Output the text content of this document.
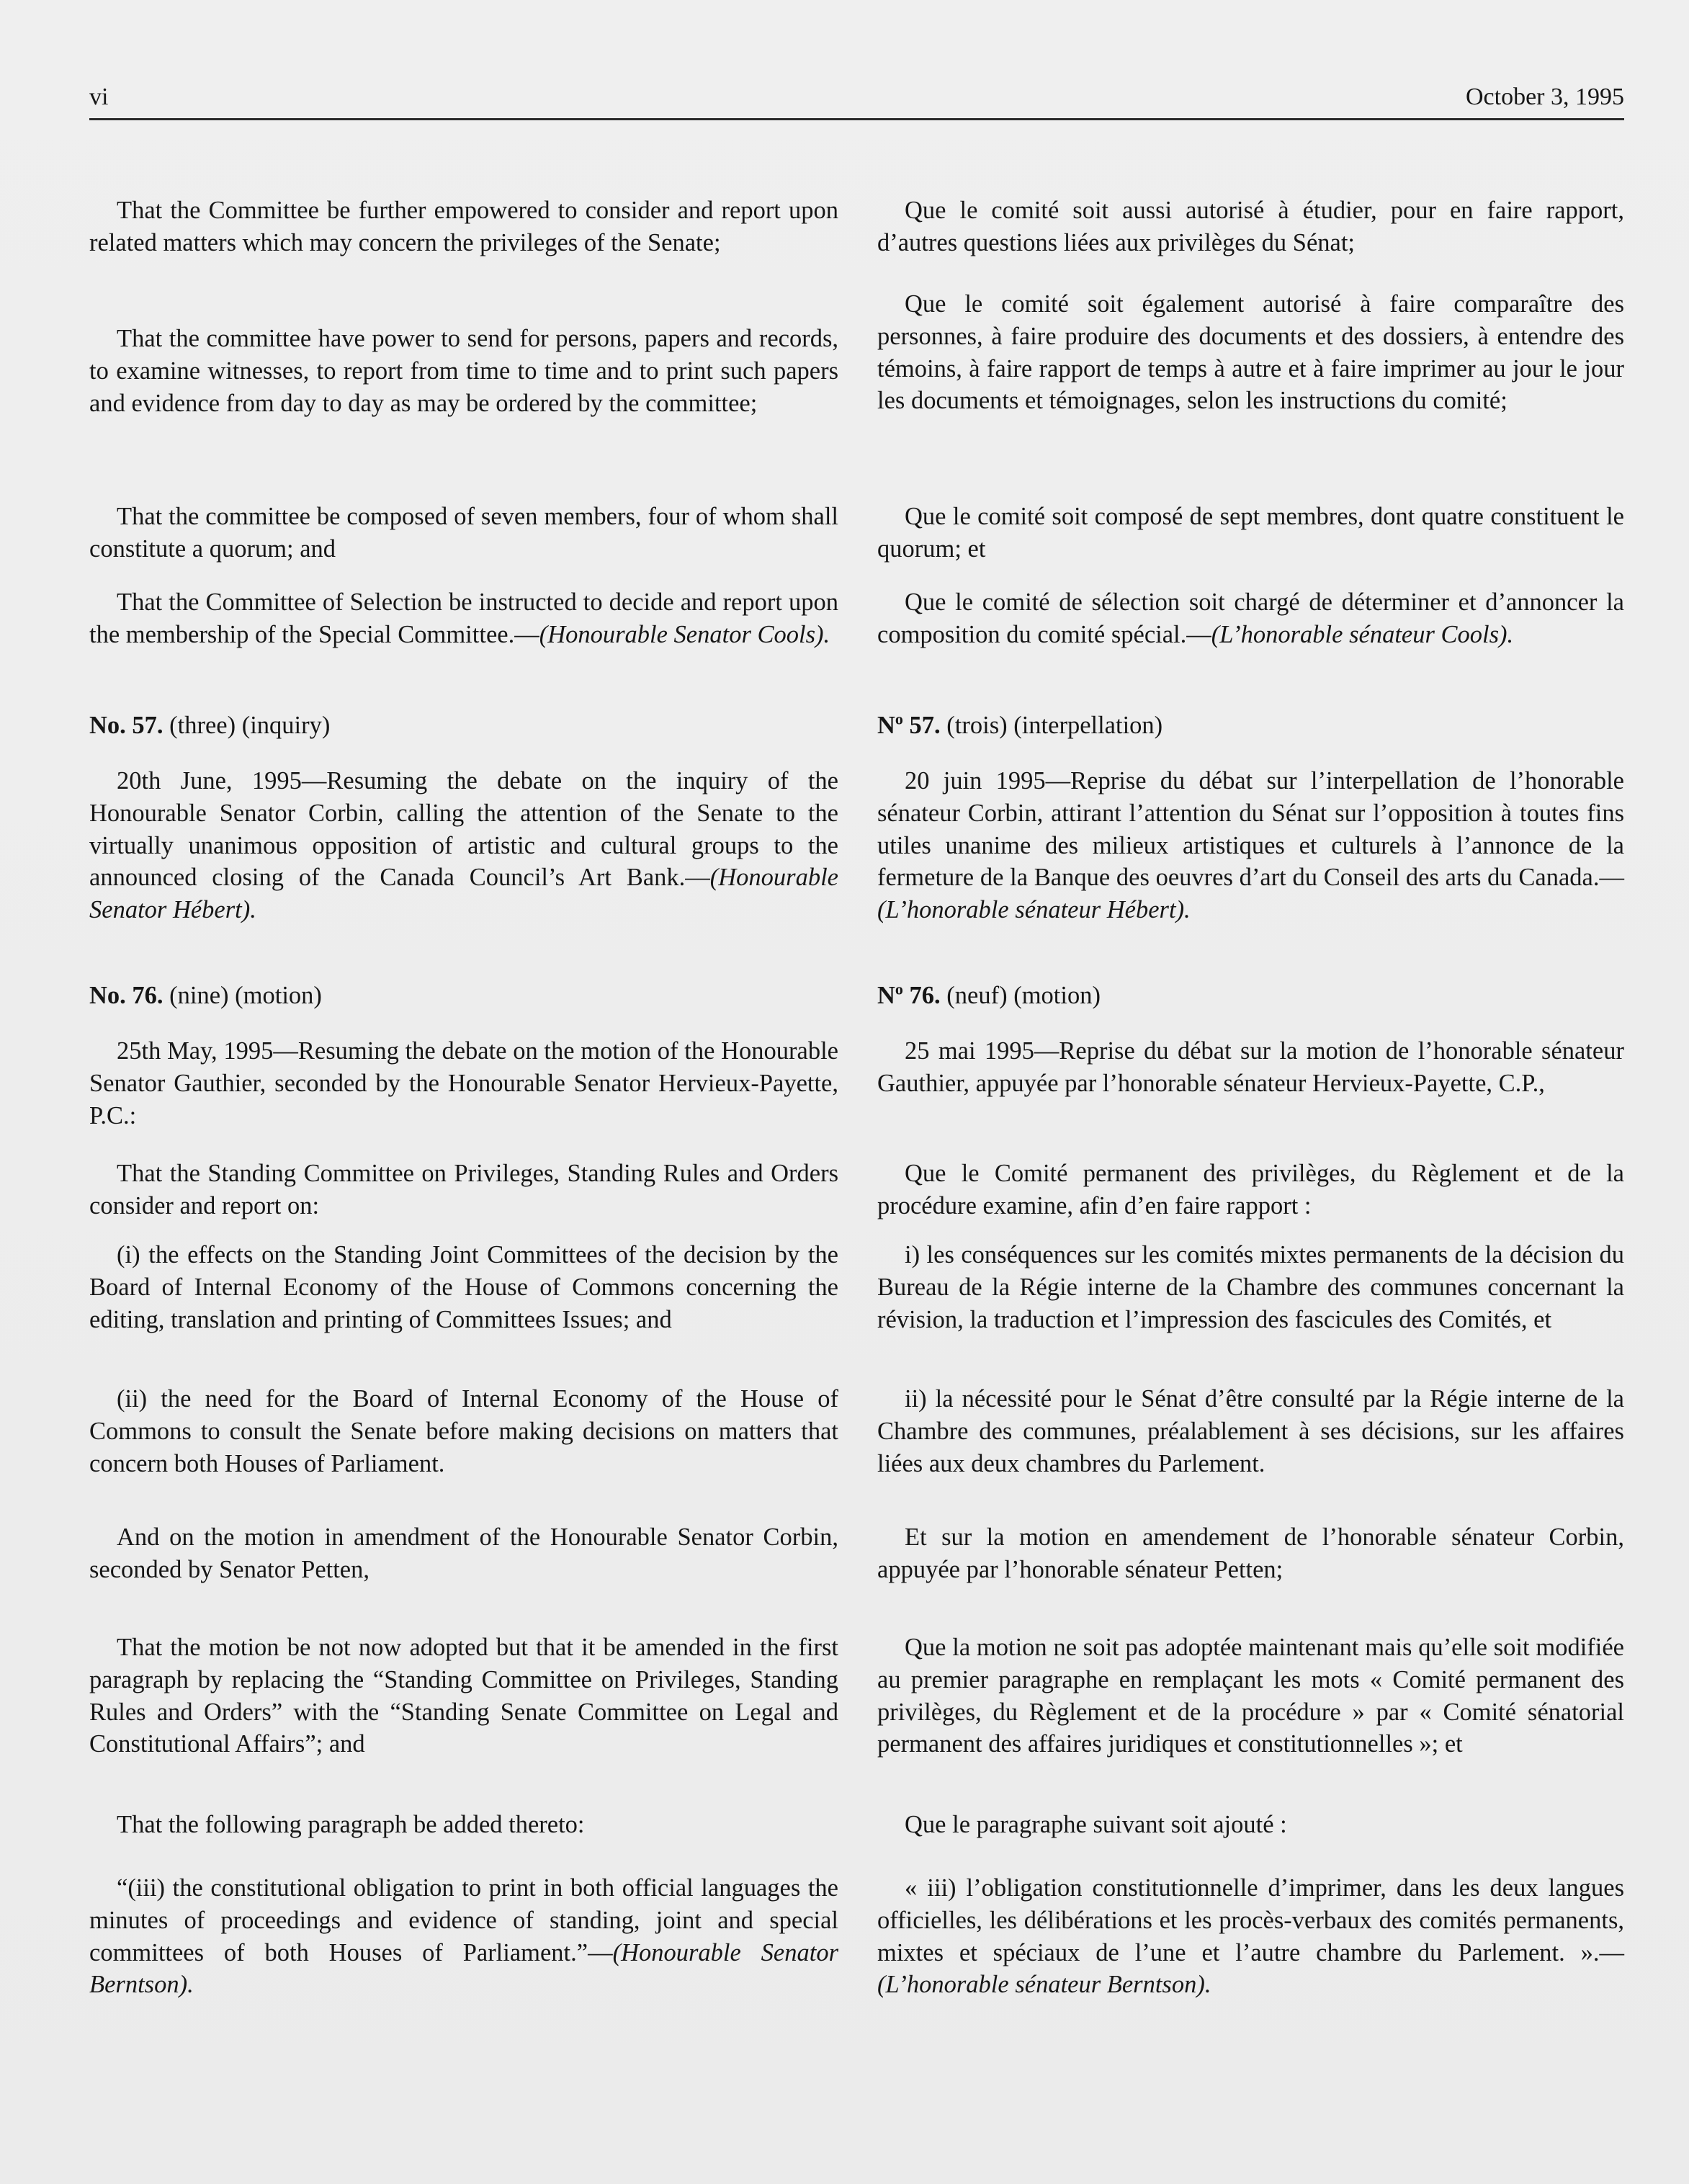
vi	October 3, 1995

That the Committee be further empowered to consider and report upon related matters which may concern the privileges of the Senate;

That the committee have power to send for persons, papers and records, to examine witnesses, to report from time to time and to print such papers and evidence from day to day as may be ordered by the committee;

That the committee be composed of seven members, four of whom shall constitute a quorum; and

That the Committee of Selection be instructed to decide and report upon the membership of the Special Committee.—(Honourable Senator Cools).

No. 57. (three) (inquiry)

20th June, 1995—Resuming the debate on the inquiry of the Honourable Senator Corbin, calling the attention of the Senate to the virtually unanimous opposition of artistic and cultural groups to the announced closing of the Canada Council’s Art Bank.—(Honourable Senator Hébert).

No. 76. (nine) (motion)

25th May, 1995—Resuming the debate on the motion of the Honourable Senator Gauthier, seconded by the Honourable Senator Hervieux-Payette, P.C.:

That the Standing Committee on Privileges, Standing Rules and Orders consider and report on:

(i) the effects on the Standing Joint Committees of the decision by the Board of Internal Economy of the House of Commons concerning the editing, translation and printing of Committees Issues; and

(ii) the need for the Board of Internal Economy of the House of Commons to consult the Senate before making decisions on matters that concern both Houses of Parliament.

And on the motion in amendment of the Honourable Senator Corbin, seconded by Senator Petten,

That the motion be not now adopted but that it be amended in the first paragraph by replacing the “Standing Committee on Privileges, Standing Rules and Orders” with the “Standing Senate Committee on Legal and Constitutional Affairs”; and

That the following paragraph be added thereto:

“(iii) the constitutional obligation to print in both official languages the minutes of proceedings and evidence of standing, joint and special committees of both Houses of Parliament.”—(Honourable Senator Berntson).

Que le comité soit aussi autorisé à étudier, pour en faire rapport, d’autres questions liées aux privilèges du Sénat;

Que le comité soit également autorisé à faire comparaître des personnes, à faire produire des documents et des dossiers, à entendre des témoins, à faire rapport de temps à autre et à faire imprimer au jour le jour les documents et témoignages, selon les instructions du comité;

Que le comité soit composé de sept membres, dont quatre constituent le quorum; et

Que le comité de sélection soit chargé de déterminer et d’annoncer la composition du comité spécial.—(L’honorable sénateur Cools).

$N^o$ 57. (trois) (interpellation)

20 juin 1995—Reprise du débat sur l’interpellation de l’honorable sénateur Corbin, attirant l’attention du Sénat sur l’opposition à toutes fins utiles unanime des milieux artistiques et culturels à l’annonce de la fermeture de la Banque des oeuvres d’art du Conseil des arts du Canada.—(L’honorable sénateur Hébert).

$N^o$ 76. (neuf) (motion)

25 mai 1995—Reprise du débat sur la motion de l’honorable sénateur Gauthier, appuyée par l’honorable sénateur Hervieux-Payette, C.P.,

Que le Comité permanent des privilèges, du Règlement et de la procédure examine, afin d’en faire rapport :

i) les conséquences sur les comités mixtes permanents de la décision du Bureau de la Régie interne de la Chambre des communes concernant la révision, la traduction et l’impression des fascicules des Comités, et

ii) la nécessité pour le Sénat d’être consulté par la Régie interne de la Chambre des communes, préalablement à ses décisions, sur les affaires liées aux deux chambres du Parlement.

Et sur la motion en amendement de l’honorable sénateur Corbin, appuyée par l’honorable sénateur Petten;

Que la motion ne soit pas adoptée maintenant mais qu’elle soit modifiée au premier paragraphe en remplaçant les mots « Comité permanent des privilèges, du Règlement et de la procédure » par « Comité sénatorial permanent des affaires juridiques et constitutionnelles »; et

Que le paragraphe suivant soit ajouté :

« iii) l’obligation constitutionnelle d’imprimer, dans les deux langues officielles, les délibérations et les procès-verbaux des comités permanents, mixtes et spéciaux de l’une et l’autre chambre du Parlement. ».—(L’honorable sénateur Berntson).
